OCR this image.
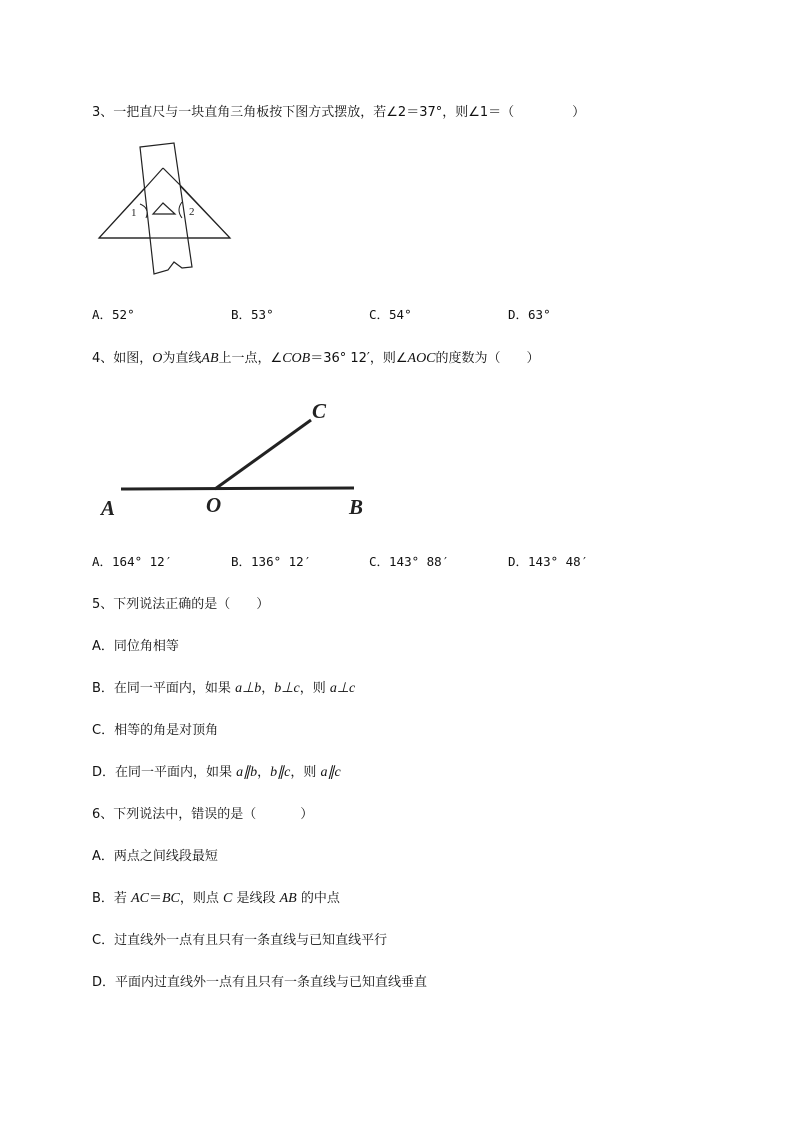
3、一把直尺与一块直角三角板按下图方式摆放，若∠2＝37°，则∠1＝（	）
1	2
A．52°	B．53°	C．54°	D．63°
4、如图，O为直线AB上一点，∠COB＝36° 12′，则∠AOC的度数为（　　）
A	O	B
C
A．164° 12′	B．136° 12′	C．143° 88′	D．143° 48′
5、下列说法正确的是（　　）
A．同位角相等
B．在同一平面内，如果 a⊥b，b⊥c，则 a⊥c
C．相等的角是对顶角
D．在同一平面内，如果 a∥b，b∥c，则 a∥c
6、下列说法中，错误的是（	）
A．两点之间线段最短
B．若 AC＝BC，则点 C 是线段 AB 的中点
C．过直线外一点有且只有一条直线与已知直线平行
D．平面内过直线外一点有且只有一条直线与已知直线垂直
